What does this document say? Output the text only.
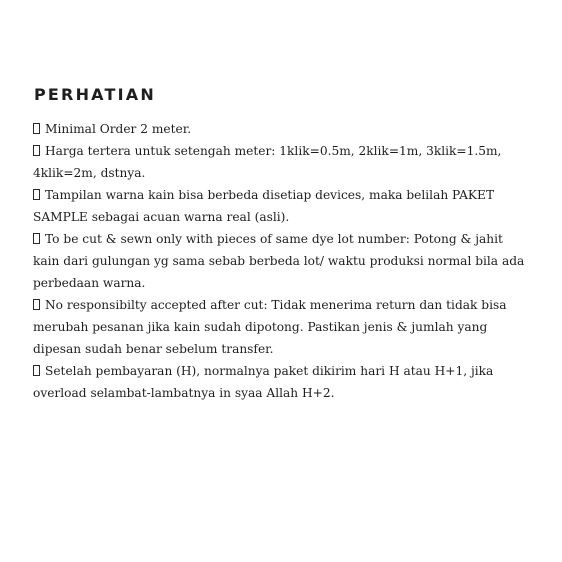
PERHATIAN
Minimal Order 2 meter.
Harga tertera untuk setengah meter: 1klik=0.5m, 2klik=1m, 3klik=1.5m, 4klik=2m, dstnya.
Tampilan warna kain bisa berbeda disetiap devices, maka belilah PAKET SAMPLE sebagai acuan warna real (asli).
To be cut & sewn only with pieces of same dye lot number: Potong & jahit kain dari gulungan yg sama sebab berbeda lot/ waktu produksi normal bila ada perbedaan warna.
No responsibilty accepted after cut: Tidak menerima return dan tidak bisa merubah pesanan jika kain sudah dipotong. Pastikan jenis & jumlah yang dipesan sudah benar sebelum transfer.
Setelah pembayaran (H), normalnya paket dikirim hari H atau H+1, jika overload selambat-lambatnya in syaa Allah H+2.
